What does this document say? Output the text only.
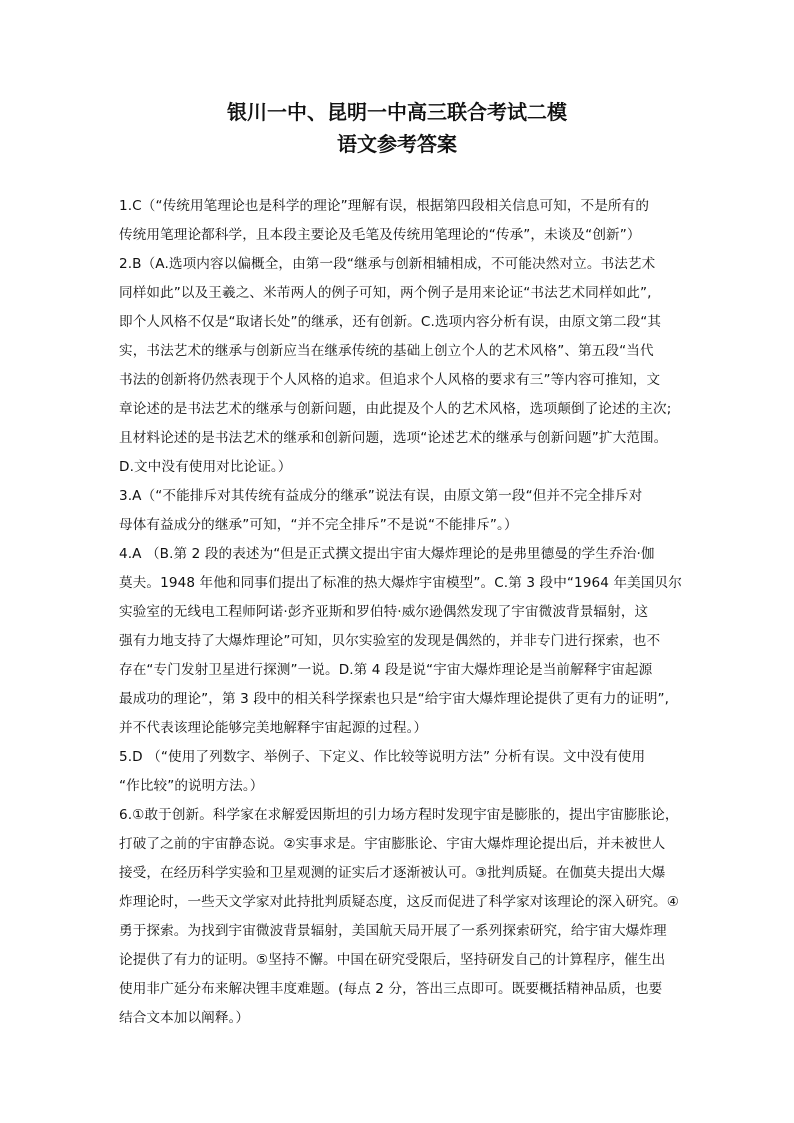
银川一中、昆明一中高三联合考试二模
语文参考答案
1.C（“传统用笔理论也是科学的理论”理解有误，根据第四段相关信息可知，不是所有的
传统用笔理论都科学，且本段主要论及毛笔及传统用笔理论的“传承”，未谈及“创新”）
2.B（A.选项内容以偏概全，由第一段“继承与创新相辅相成，不可能决然对立。书法艺术
同样如此”以及王羲之、米芾两人的例子可知，两个例子是用来论证“书法艺术同样如此”,
即个人风格不仅是“取诸长处”的继承，还有创新。C.选项内容分析有误，由原文第二段“其
实，书法艺术的继承与创新应当在继承传统的基础上创立个人的艺术风格”、第五段“当代
书法的创新将仍然表现于个人风格的追求。但追求个人风格的要求有三”等内容可推知，文
章论述的是书法艺术的继承与创新问题，由此提及个人的艺术风格，选项颠倒了论述的主次;
且材料论述的是书法艺术的继承和创新问题，选项“论述艺术的继承与创新问题”扩大范围。
D.文中没有使用对比论证。）
3.A（“不能排斥对其传统有益成分的继承”说法有误，由原文第一段“但并不完全排斥对
母体有益成分的继承”可知，“并不完全排斥”不是说“不能排斥”。）
4.A （B.第 2 段的表述为“但是正式撰文提出宇宙大爆炸理论的是弗里德曼的学生乔治·伽
莫夫。1948 年他和同事们提出了标准的热大爆炸宇宙模型”。C.第 3 段中“1964 年美国贝尔
实验室的无线电工程师阿诺·彭齐亚斯和罗伯特·威尔逊偶然发现了宇宙微波背景辐射，这
强有力地支持了大爆炸理论”可知，贝尔实验室的发现是偶然的，并非专门进行探索，也不
存在“专门发射卫星进行探测”一说。D.第 4 段是说“宇宙大爆炸理论是当前解释宇宙起源
最成功的理论”，第 3 段中的相关科学探索也只是“给宇宙大爆炸理论提供了更有力的证明”,
并不代表该理论能够完美地解释宇宙起源的过程。）
5.D （“使用了列数字、举例子、下定义、作比较等说明方法” 分析有误。文中没有使用
“作比较”的说明方法。）
6.①敢于创新。科学家在求解爱因斯坦的引力场方程时发现宇宙是膨胀的，提出宇宙膨胀论，
打破了之前的宇宙静态说。②实事求是。宇宙膨胀论、宇宙大爆炸理论提出后，并未被世人
接受，在经历科学实验和卫星观测的证实后才逐渐被认可。③批判质疑。在伽莫夫提出大爆
炸理论时，一些天文学家对此持批判质疑态度，这反而促进了科学家对该理论的深入研究。④
勇于探索。为找到宇宙微波背景辐射，美国航天局开展了一系列探索研究，给宇宙大爆炸理
论提供了有力的证明。⑤坚持不懈。中国在研究受限后，坚持研发自己的计算程序，催生出
使用非广延分布来解决锂丰度难题。(每点 2 分，答出三点即可。既要概括精神品质，也要
结合文本加以阐释。）
